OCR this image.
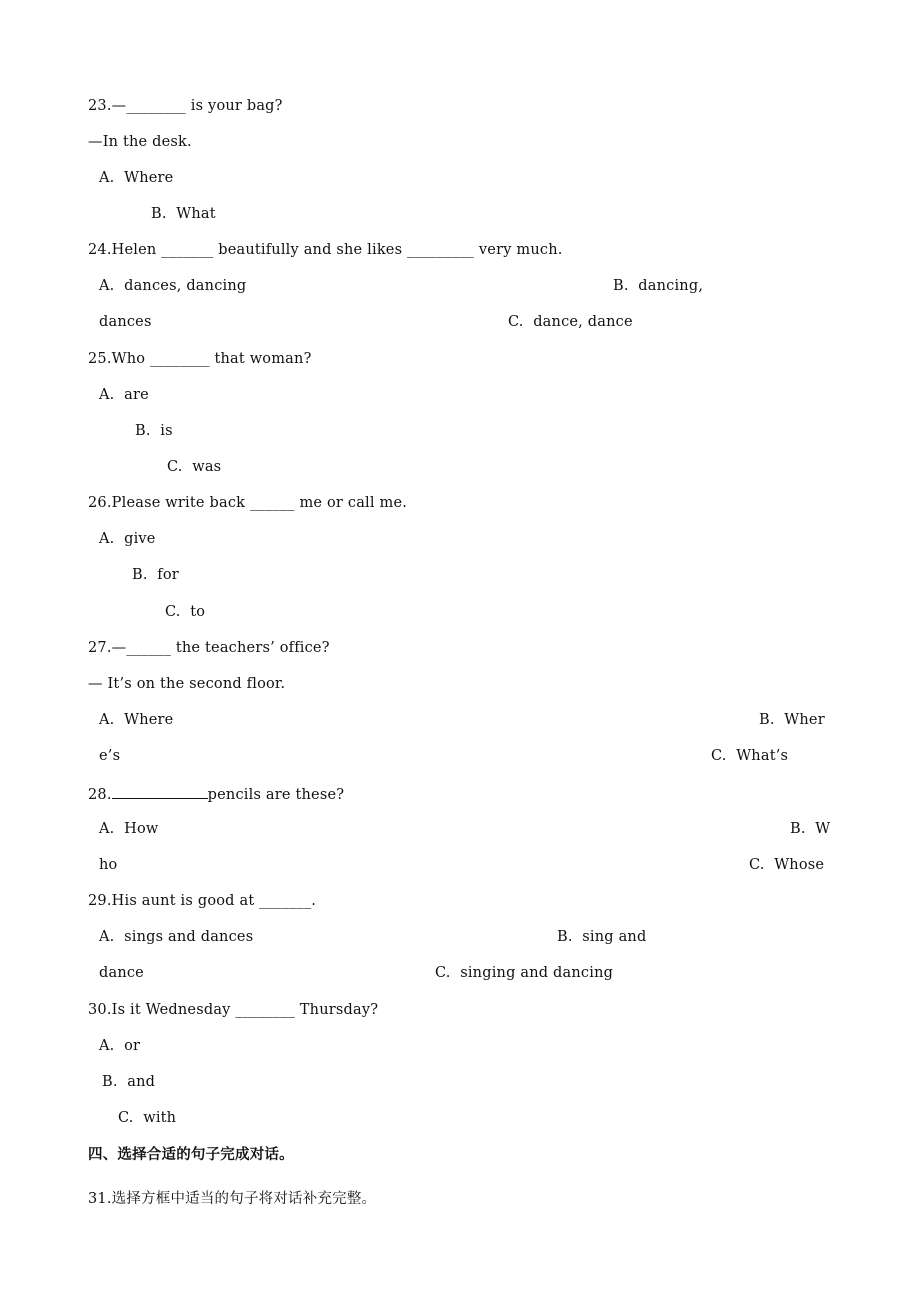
23.—________ is your bag?
—In the desk.
A.  Where
B.  What
24.Helen _______ beautifully and she likes _________ very much.
A.  dances, dancing	B.  dancing,
dances	C.  dance, dance
25.Who ________ that woman?
A.  are
B.  is
C.  was
26.Please write back ______ me or call me.
A.  give
B.  for
C.  to
27.—______ the teachers’ office?
— It’s on the second floor.
A.  Where	B.  Wher
e’s	C.  What’s
28.	pencils are these?
A.  How	B.  W
ho	C.  Whose
29.His aunt is good at _______.
A.  sings and dances	B.  sing and
dance	C.  singing and dancing
30.Is it Wednesday ________ Thursday?
A.  or
B.  and
C.  with
四、选择合适的句子完成对话。
31.选择方框中适当的句子将对话补充完整。
